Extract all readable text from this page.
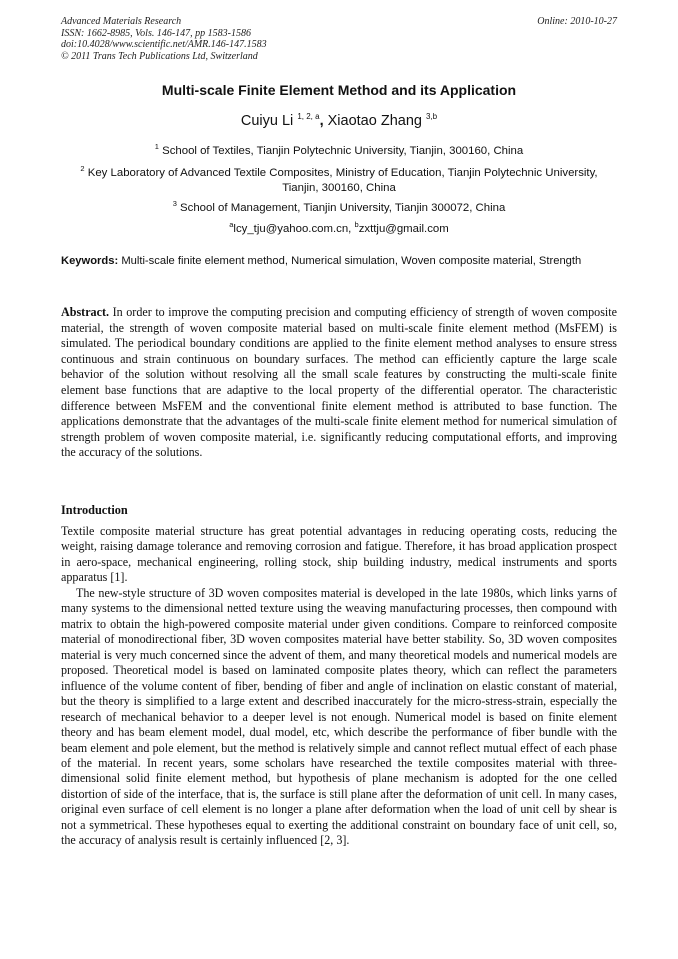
Advanced Materials Research
ISSN: 1662-8985, Vols. 146-147, pp 1583-1586
doi:10.4028/www.scientific.net/AMR.146-147.1583
© 2011 Trans Tech Publications Ltd, Switzerland
Online: 2010-10-27
Multi-scale Finite Element Method and its Application
Cuiyu Li $^{1, 2, a}$, Xiaotao Zhang $^{3,b}$
$^1$ School of Textiles, Tianjin Polytechnic University, Tianjin, 300160, China
$^2$ Key Laboratory of Advanced Textile Composites, Ministry of Education, Tianjin Polytechnic University, Tianjin, 300160, China
$^3$ School of Management, Tianjin University, Tianjin 300072, China
$^a$lcy_tju@yahoo.com.cn, $^b$zxttju@gmail.com
Keywords: Multi-scale finite element method, Numerical simulation, Woven composite material, Strength
Abstract. In order to improve the computing precision and computing efficiency of strength of woven composite material, the strength of woven composite material based on multi-scale finite element method (MsFEM) is simulated. The periodical boundary conditions are applied to the finite element method analyses to ensure stress continuous and strain continuous on boundary surfaces. The method can efficiently capture the large scale behavior of the solution without resolving all the small scale features by constructing the multi-scale finite element base functions that are adaptive to the local property of the differential operator. The characteristic difference between MsFEM and the conventional finite element method is attributed to base function. The applications demonstrate that the advantages of the multi-scale finite element method for numerical simulation of strength problem of woven composite material, i.e. significantly reducing computational efforts, and improving the accuracy of the solutions.
Introduction

Textile composite material structure has great potential advantages in reducing operating costs, reducing the weight, raising damage tolerance and removing corrosion and fatigue. Therefore, it has broad application prospect in aero-space, mechanical engineering, rolling stock, ship building industry, medical instruments and sports apparatus [1].

The new-style structure of 3D woven composites material is developed in the late 1980s, which links yarns of many systems to the dimensional netted texture using the weaving manufacturing processes, then compound with matrix to obtain the high-powered composite material under given conditions. Compare to reinforced composite material of monodirectional fiber, 3D woven composites material have better stability. So, 3D woven composites material is very much concerned since the advent of them, and many theoretical models and numerical models are proposed. Theoretical model is based on laminated composite plates theory, which can reflect the parameters influence of the volume content of fiber, bending of fiber and angle of inclination on elastic constant of material, but the theory is simplified to a large extent and described inaccurately for the micro-stress-strain, especially the research of mechanical behavior to a deeper level is not enough. Numerical model is based on finite element theory and has beam element model, dual model, etc, which describe the performance of fiber bundle with the beam element and pole element, but the method is relatively simple and cannot reflect mutual effect of each phase of the material. In recent years, some scholars have researched the textile composites material with three-dimensional solid finite element method, but hypothesis of plane mechanism is adopted for the one celled distortion of side of the interface, that is, the surface is still plane after the deformation of unit cell. In many cases, original even surface of cell element is no longer a plane after deformation when the load of unit cell by shear is not a symmetrical. These hypotheses equal to exerting the additional constraint on boundary face of unit cell, so, the accuracy of analysis result is certainly influenced [2, 3].
